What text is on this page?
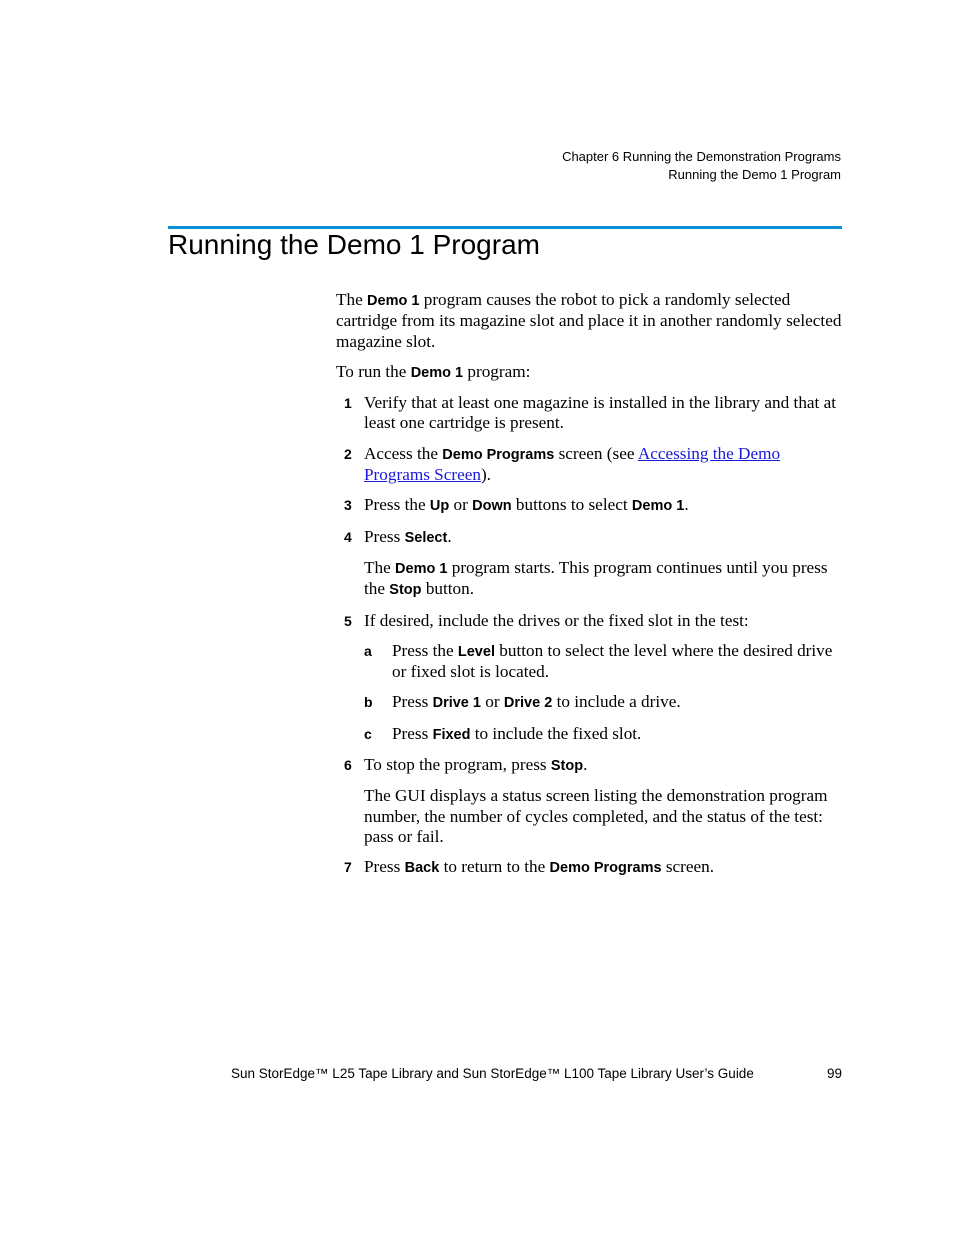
Chapter 6 Running the Demonstration Programs
Running the Demo 1 Program
Running the Demo 1 Program

The Demo 1 program causes the robot to pick a randomly selected cartridge from its magazine slot and place it in another randomly selected magazine slot.

To run the Demo 1 program:

1 Verify that at least one magazine is installed in the library and that at least one cartridge is present.
2 Access the Demo Programs screen (see Accessing the Demo Programs Screen).
3 Press the Up or Down buttons to select Demo 1.
4 Press Select.

The Demo 1 program starts. This program continues until you press the Stop button.

5 If desired, include the drives or the fixed slot in the test:
a Press the Level button to select the level where the desired drive or fixed slot is located.
b Press Drive 1 or Drive 2 to include a drive.
c Press Fixed to include the fixed slot.
6 To stop the program, press Stop.

The GUI displays a status screen listing the demonstration program number, the number of cycles completed, and the status of the test: pass or fail.

7 Press Back to return to the Demo Programs screen.
Sun StorEdge™ L25 Tape Library and Sun StorEdge™ L100 Tape Library User’s Guide	99
